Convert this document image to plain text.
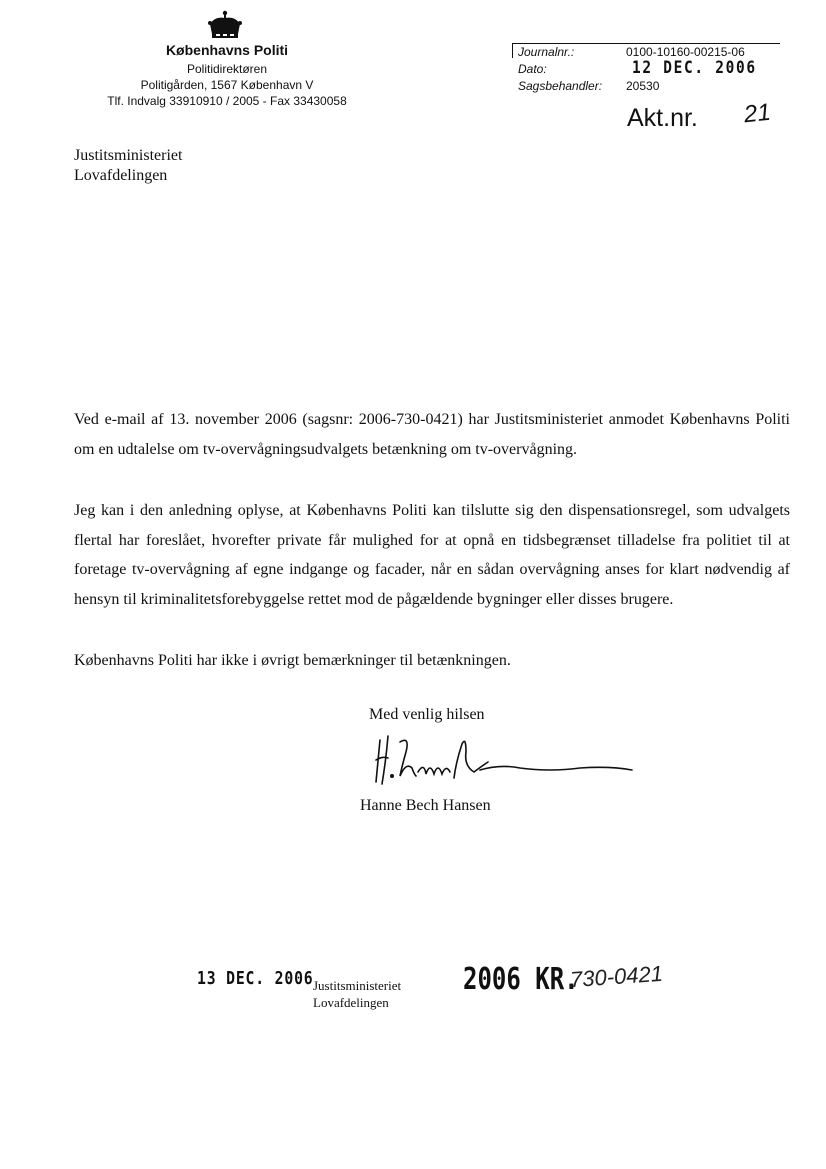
Københavns Politi
Politidirektøren
Politigården, 1567 København V
Tlf. Indvalg 33910910 / 2005 - Fax 33430058
Journalnr.:	0100-10160-00215-06
Dato:	12 DEC. 2006
Sagsbehandler: 20530
Akt.nr. 21
Justitsministeriet
Lovafdelingen
Ved e-mail af 13. november 2006 (sagsnr: 2006-730-0421) har Justitsministeriet anmodet Københavns Politi om en udtalelse om tv-overvågningsudvalgets betænkning om tv-overvågning.
Jeg kan i den anledning oplyse, at Københavns Politi kan tilslutte sig den dispensationsregel, som udvalgets flertal har foreslået, hvorefter private får mulighed for at opnå en tidsbegrænset tilladelse fra politiet til at foretage tv-overvågning af egne indgange og facader, når en sådan overvågning anses for klart nødvendig af hensyn til kriminalitetsforebyggelse rettet mod de pågældende bygninger eller disses brugere.
Københavns Politi har ikke i øvrigt bemærkninger til betænkningen.
Med venlig hilsen
Hanne Bech Hansen
13 DEC. 2006 Justitsministeriet
Lovafdelingen
2006 KR.
730-0421
